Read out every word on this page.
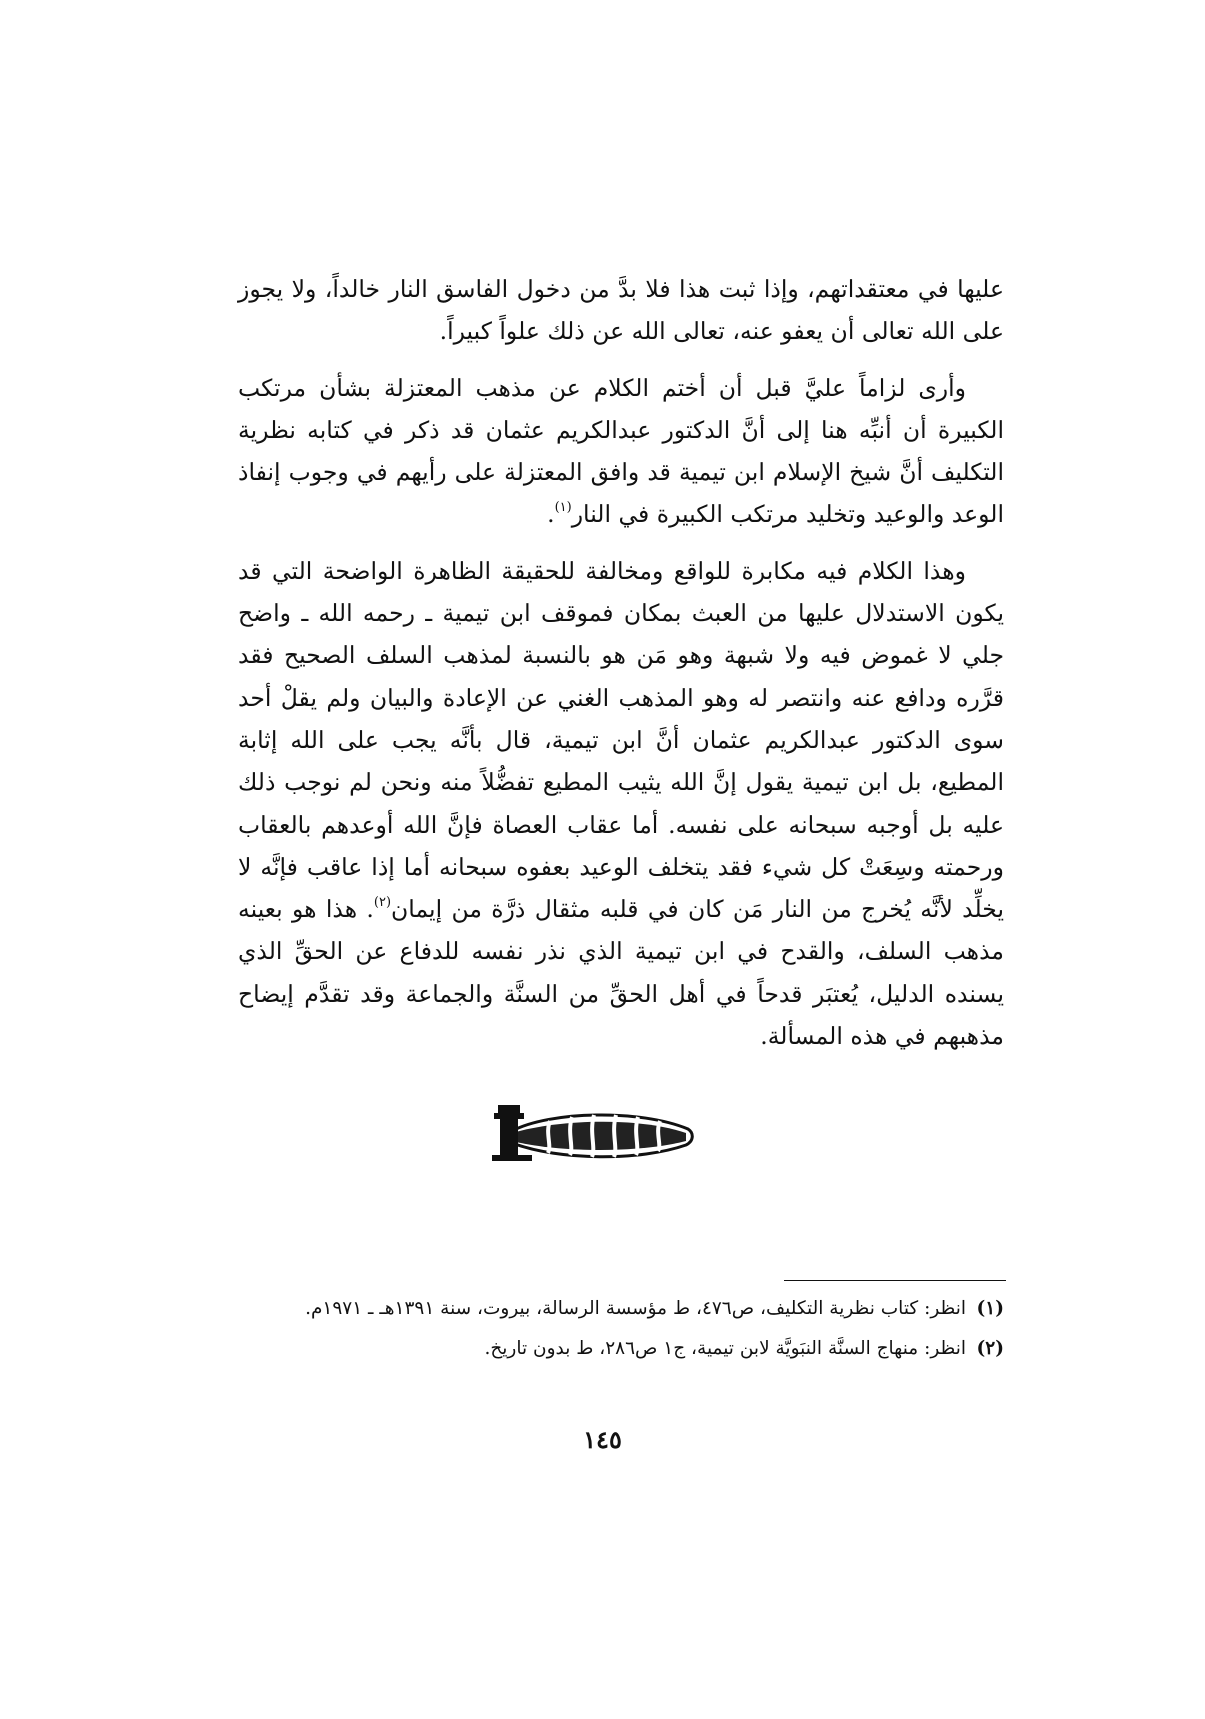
عليها في معتقداتهم، وإذا ثبت هذا فلا بدَّ من دخول الفاسق النار خالداً، ولا يجوز على الله تعالى أن يعفو عنه، تعالى الله عن ذلك علواً كبيراً.

وأرى لزاماً عليَّ قبل أن أختم الكلام عن مذهب المعتزلة بشأن مرتكب الكبيرة أن أنبِّه هنا إلى أنَّ الدكتور عبدالكريم عثمان قد ذكر في كتابه نظرية التكليف أنَّ شيخ الإسلام ابن تيمية قد وافق المعتزلة على رأيهم في وجوب إنفاذ الوعد والوعيد وتخليد مرتكب الكبيرة في النار$^{(١)}$.

وهذا الكلام فيه مكابرة للواقع ومخالفة للحقيقة الظاهرة الواضحة التي قد يكون الاستدلال عليها من العبث بمكان فموقف ابن تيمية ـ رحمه الله ـ واضح جلي لا غموض فيه ولا شبهة وهو مَن هو بالنسبة لمذهب السلف الصحيح فقد قرَّره ودافع عنه وانتصر له وهو المذهب الغني عن الإعادة والبيان ولم يقلْ أحد سوى الدكتور عبدالكريم عثمان أنَّ ابن تيمية، قال بأنَّه يجب على الله إثابة المطيع، بل ابن تيمية يقول إنَّ الله يثيب المطيع تفضُّلاً منه ونحن لم نوجب ذلك عليه بل أوجبه سبحانه على نفسه. أما عقاب العصاة فإنَّ الله أوعدهم بالعقاب ورحمته وسِعَتْ كل شيء فقد يتخلف الوعيد بعفوه سبحانه أما إذا عاقب فإنَّه لا يخلِّد لأنَّه يُخرج من النار مَن كان في قلبه مثقال ذرَّة من إيمان$^{(٢)}$. هذا هو بعينه مذهب السلف، والقدح في ابن تيمية الذي نذر نفسه للدفاع عن الحقِّ الذي يسنده الدليل، يُعتبَر قدحاً في أهل الحقِّ من السنَّة والجماعة وقد تقدَّم إيضاح مذهبهم في هذه المسألة.

(١)انظر: كتاب نظرية التكليف، ص٤٧٦، ط مؤسسة الرسالة، بيروت، سنة ١٣٩١هـ ـ ١٩٧١م.

(٢)انظر: منهاج السنَّة النبَويَّة لابن تيمية، ج١ ص٢٨٦، ط بدون تاريخ.

١٤٥
